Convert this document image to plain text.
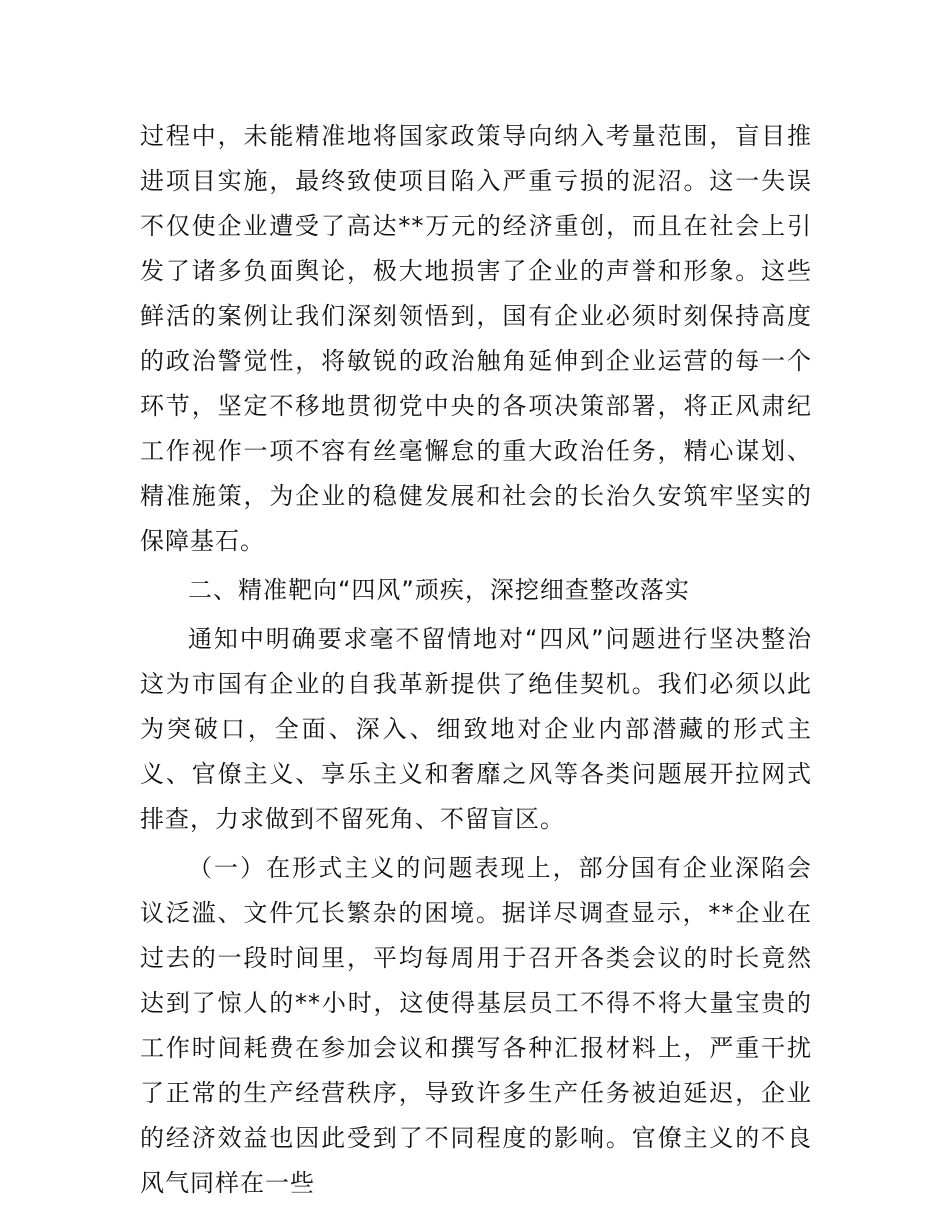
过程中，未能精准地将国家政策导向纳入考量范围，盲目推进项目实施，最终致使项目陷入严重亏损的泥沼。这一失误不仅使企业遭受了高达**万元的经济重创，而且在社会上引发了诸多负面舆论，极大地损害了企业的声誉和形象。这些鲜活的案例让我们深刻领悟到，国有企业必须时刻保持高度的政治警觉性，将敏锐的政治触角延伸到企业运营的每一个环节，坚定不移地贯彻党中央的各项决策部署，将正风肃纪工作视作一项不容有丝毫懈怠的重大政治任务，精心谋划、精准施策，为企业的稳健发展和社会的长治久安筑牢坚实的保障基石。

二、精准靶向“四风”顽疾，深挖细查整改落实

通知中明确要求毫不留情地对“四风”问题进行坚决整治这为市国有企业的自我革新提供了绝佳契机。我们必须以此为突破口，全面、深入、细致地对企业内部潜藏的形式主义、官僚主义、享乐主义和奢靡之风等各类问题展开拉网式排查，力求做到不留死角、不留盲区。

（一）在形式主义的问题表现上，部分国有企业深陷会议泛滥、文件冗长繁杂的困境。据详尽调查显示，**企业在过去的一段时间里，平均每周用于召开各类会议的时长竟然达到了惊人的**小时，这使得基层员工不得不将大量宝贵的工作时间耗费在参加会议和撰写各种汇报材料上，严重干扰了正常的生产经营秩序，导致许多生产任务被迫延迟，企业的经济效益也因此受到了不同程度的影响。官僚主义的不良风气同样在一些
